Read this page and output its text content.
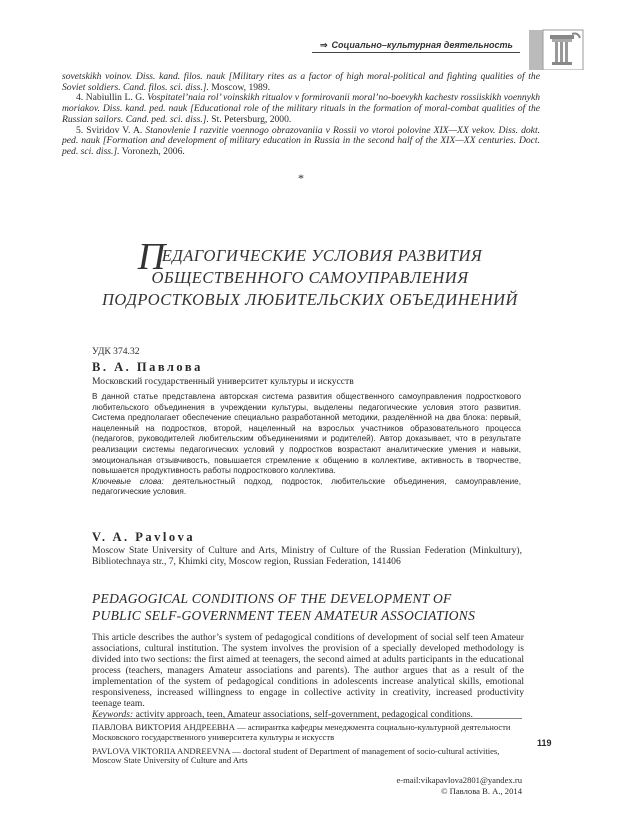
⇒ Социально–культурная деятельность

sovetskikh voinov. Diss. kand. filos. nauk [Military rites as a factor of high moral-political and fighting qualities of the Soviet soldiers. Cand. filos. sci. diss.]. Moscow, 1989.

4. Nabiullin L. G. Vospitatel’naia rol’ voinskikh ritualov v formirovanii moral’no-boevykh kachestv rossiiskikh voennykh moriakov. Diss. kand. ped. nauk [Educational role of the military rituals in the formation of moral-combat qualities of the Russian sailors. Cand. ped. sci. diss.]. St. Petersburg, 2000.

5. Sviridov V. A. Stanovlenie I razvitie voennogo obrazovaniia v Rossii vo vtoroi polovine XIX—XX vekov. Diss. dokt. ped. nauk [Formation and development of military education in Russia in the second half of the XIX—XX centuries. Doct. ped. sci. diss.]. Voronezh, 2006.

*
ПЕДАГОГИЧЕСКИЕ УСЛОВИЯ РАЗВИТИЯ
ОБЩЕСТВЕННОГО САМОУПРАВЛЕНИЯ
ПОДРОСТКОВЫХ ЛЮБИТЕЛЬСКИХ ОБЪЕДИНЕНИЙ
УДК 374.32
В. А. Павлова
Московский государственный университет культуры и искусств

В данной статье представлена авторская система развития общественного самоуправления подросткового любительского объединения в учреждении культуры, выделены педагогические условия этого развития. Система предполагает обеспечение специально разработанной методики, разделённой на два блока: первый, нацеленный на подростков, второй, нацеленный на взрослых участников образовательного процесса (педагогов, руководителей любительским объединениями и родителей). Автор доказывает, что в результате реализации системы педагогических условий у подростков возрастают аналитические умения и навыки, эмоциональная отзывчивость, повышается стремление к общению в коллективе, активность в творчестве, повышается продуктивность работы подросткового коллектива.

Ключевые слова: деятельностный подход, подросток, любительские объединения, самоуправление, педагогические условия.

V. A. Pavlova
Moscow State University of Culture and Arts, Ministry of Culture of the Russian Federation (Minkultury), Bibliotechnaya str., 7, Khimki city, Moscow region, Russian Federation, 141406
PEDAGOGICAL CONDITIONS OF THE DEVELOPMENT OF
PUBLIC SELF-GOVERNMENT TEEN AMATEUR ASSOCIATIONS

This article describes the author’s system of pedagogical conditions of development of social self teen Amateur associations, cultural institution. The system involves the provision of a specially developed methodology is divided into two sections: the first aimed at teenagers, the second aimed at adults participants in the educational process (teachers, managers Amateur associations and parents). The author argues that as a result of the implementation of the system of pedagogical conditions in adolescents increase analytical skills, emotional responsiveness, increased willingness to engage in collective activity in creativity, increased productivity teenage team.

Keywords: activity approach, teen, Amateur associations, self-government, pedagogical conditions.

ПАВЛОВА ВИКТОРИЯ АНДРЕЕВНА — аспирантка кафедры менеджмента социально-культурной деятельности Московского государственного университета культуры и искусств

PAVLOVA VIKTORIIA ANDREEVNA — doctoral student of Department of management of socio-cultural activities, Moscow State University of Culture and Arts

119
e-mail:vikapavlova2801@yandex.ru
© Павлова В. А., 2014
